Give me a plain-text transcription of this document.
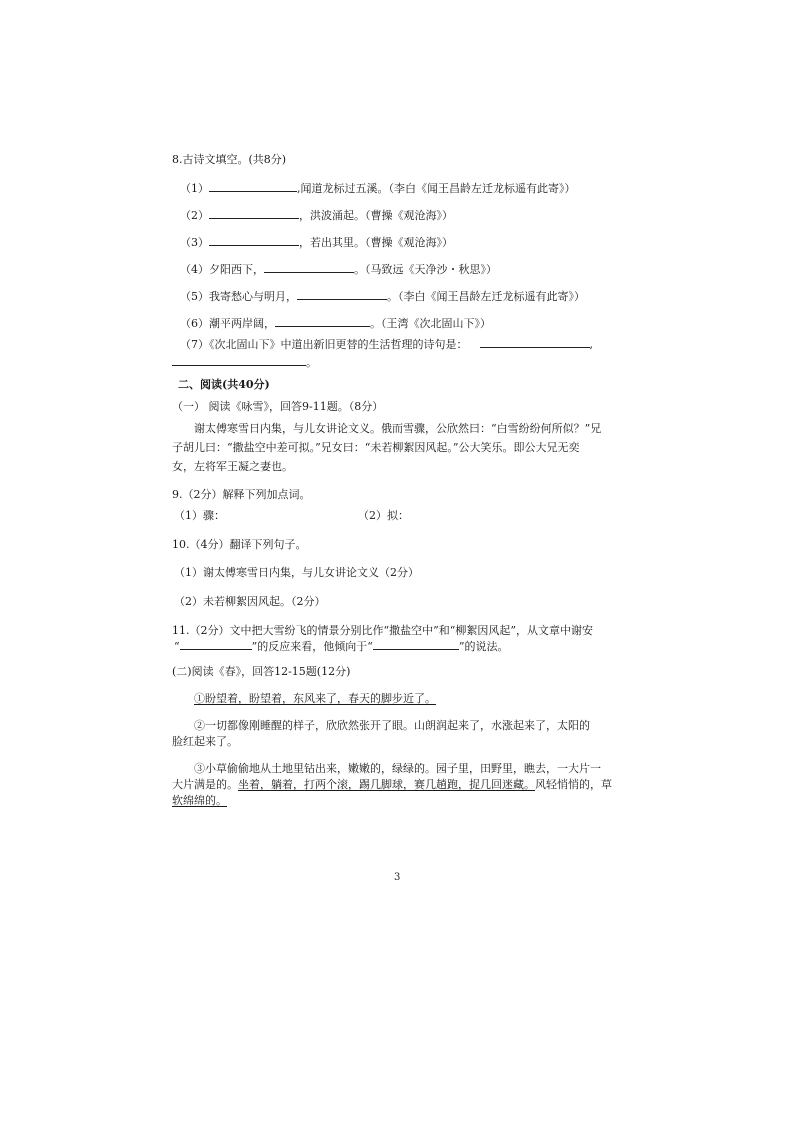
8.古诗文填空。(共8分)
（1）	,闻道龙标过五溪。（李白《闻王昌龄左迁龙标遥有此寄》）
（2）	，洪波涌起。（曹操《观沧海》）
（3）	，若出其里。（曹操《观沧海》）
（4）夕阳西下，	。（马致远《天净沙・秋思》）
（5）我寄愁心与明月，	。（李白《闻王昌龄左迁龙标遥有此寄》）
（6）潮平两岸阔，	。（王湾《次北固山下》）
（7）《次北固山下》中道出新旧更替的生活哲理的诗句是：	,
。
二、阅读(共40分)
（一） 阅读《咏雪》，回答9-11题。（8分）
谢太傅寒雪日内集，与儿女讲论文义。俄而雪骤，公欣然曰：“白雪纷纷何所似？”兄
子胡儿曰：“撒盐空中差可拟。”兄女曰：“未若柳絮因风起。”公大笑乐。即公大兄无奕
女，左将军王凝之妻也。
9.（2分）解释下列加点词。
（1）骤：	（2）拟：
10.（4分）翻译下列句子。
（1）谢太傅寒雪日内集，与儿女讲论文义（2分）
（2）未若柳絮因风起。（2分）
11.（2分）文中把大雪纷飞的情景分别比作“撒盐空中”和“柳絮因风起”，从文章中谢安
“	”的反应来看，他倾向于“	”的说法。
(二)阅读《春》，回答12-15题(12分)
①盼望着，盼望着，东风来了，春天的脚步近了。
②一切都像刚睡醒的样子，欣欣然张开了眼。山朗润起来了，水涨起来了，太阳的
脸红起来了。
③小草偷偷地从土地里钻出来，嫩嫩的，绿绿的。园子里，田野里，瞧去，一大片一
大片满是的。坐着，躺着，打两个滚，踢几脚球，赛几趟跑，捉几回迷藏。风轻悄悄的，草
软绵绵的。
3
